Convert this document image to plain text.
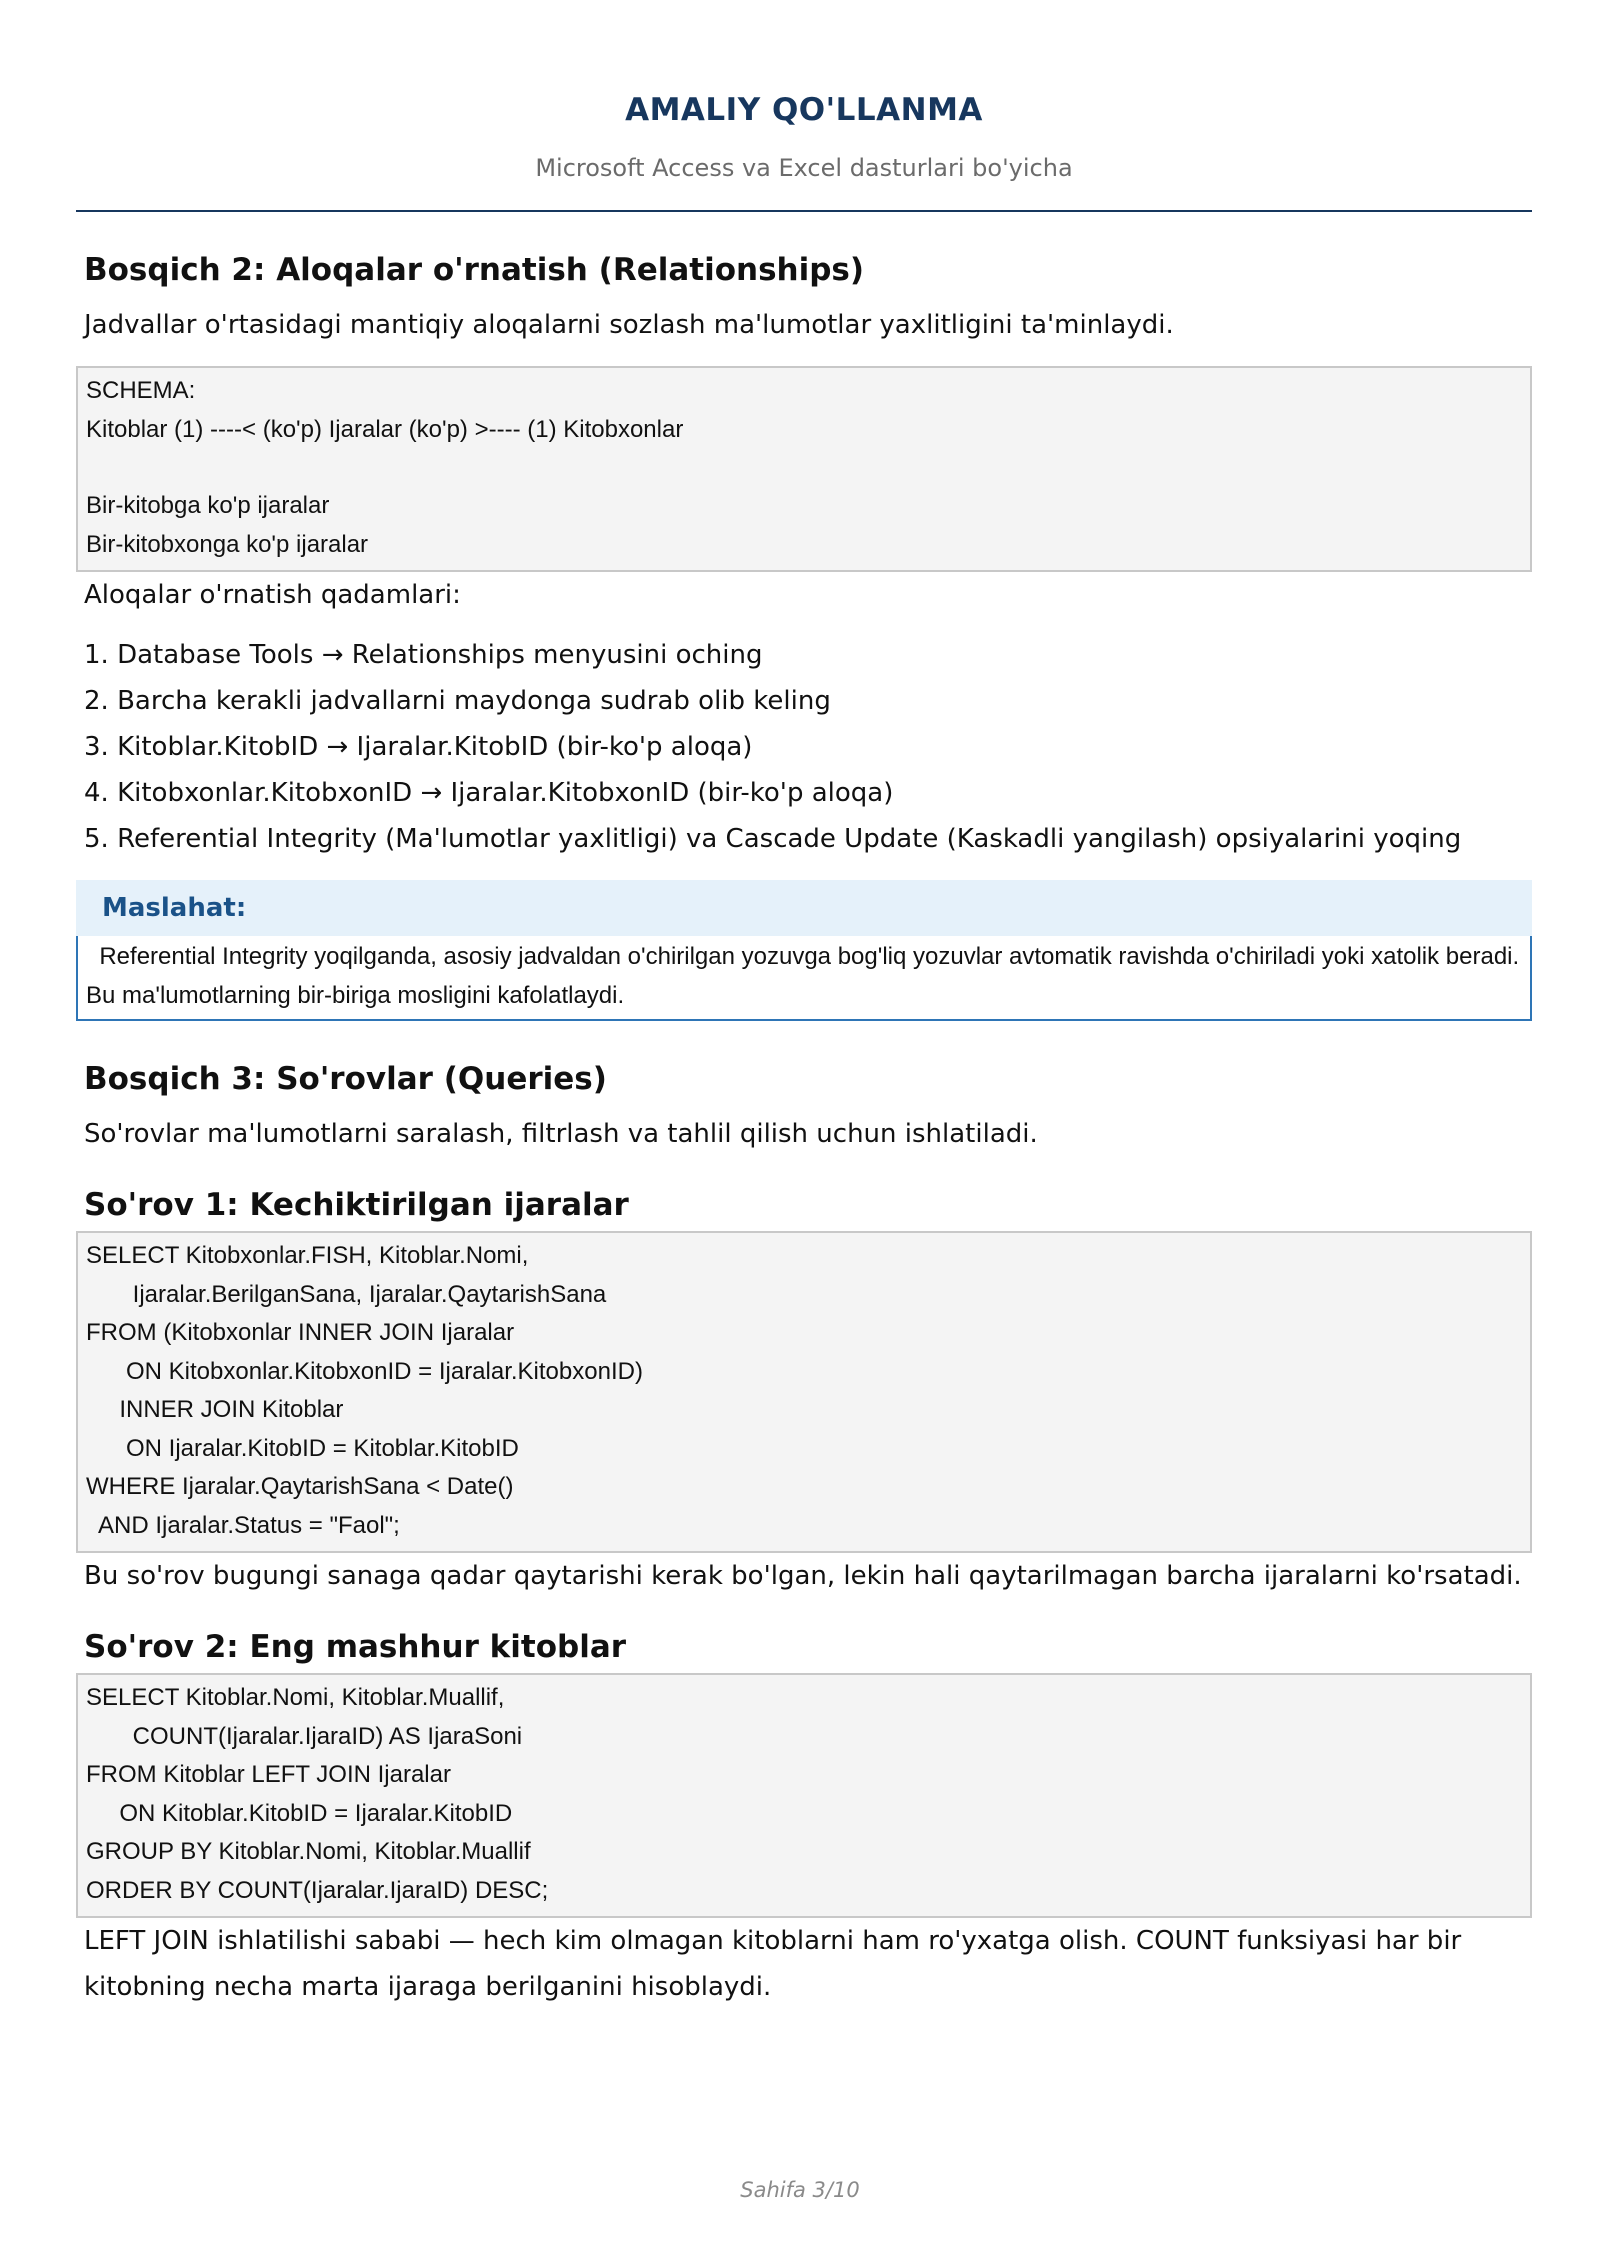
AMALIY QO'LLANMA
Microsoft Access va Excel dasturlari bo'yicha
Bosqich 2: Aloqalar o'rnatish (Relationships)

Jadvallar o'rtasidagi mantiqiy aloqalarni sozlash ma'lumotlar yaxlitligini ta'minlaydi.

SCHEMA:
Kitoblar (1) ----< (ko'p) Ijaralar (ko'p) >---- (1) Kitobxonlar
Bir-kitobga ko'p ijaralar
Bir-kitobxonga ko'p ijaralar

Aloqalar o'rnatish qadamlari:

1. Database Tools → Relationships menyusini oching
2. Barcha kerakli jadvallarni maydonga sudrab olib keling
3. Kitoblar.KitobID → Ijaralar.KitobID (bir-ko'p aloqa)
4. Kitobxonlar.KitobxonID → Ijaralar.KitobxonID (bir-ko'p aloqa)
5. Referential Integrity (Ma'lumotlar yaxlitligi) va Cascade Update (Kaskadli yangilash) opsiyalarini yoqing
Maslahat:
Referential Integrity yoqilganda, asosiy jadvaldan o'chirilgan yozuvga bog'liq yozuvlar avtomatik ravishda o'chiriladi yoki xatolik beradi. Bu ma'lumotlarning bir-biriga mosligini kafolatlaydi.
Bosqich 3: So'rovlar (Queries)

So'rovlar ma'lumotlarni saralash, filtrlash va tahlil qilish uchun ishlatiladi.

So'rov 1: Kechiktirilgan ijaralar
SELECT Kitobxonlar.FISH, Kitoblar.Nomi,
Ijaralar.BerilganSana, Ijaralar.QaytarishSana
FROM (Kitobxonlar INNER JOIN Ijaralar
ON Kitobxonlar.KitobxonID = Ijaralar.KitobxonID)
INNER JOIN Kitoblar
ON Ijaralar.KitobID = Kitoblar.KitobID
WHERE Ijaralar.QaytarishSana < Date()
AND Ijaralar.Status = "Faol";

Bu so'rov bugungi sanaga qadar qaytarishi kerak bo'lgan, lekin hali qaytarilmagan barcha ijaralarni ko'rsatadi.

So'rov 2: Eng mashhur kitoblar
SELECT Kitoblar.Nomi, Kitoblar.Muallif,
COUNT(Ijaralar.IjaraID) AS IjaraSoni
FROM Kitoblar LEFT JOIN Ijaralar
ON Kitoblar.KitobID = Ijaralar.KitobID
GROUP BY Kitoblar.Nomi, Kitoblar.Muallif
ORDER BY COUNT(Ijaralar.IjaraID) DESC;

LEFT JOIN ishlatilishi sababi — hech kim olmagan kitoblarni ham ro'yxatga olish. COUNT funksiyasi har bir kitobning necha marta ijaraga berilganini hisoblaydi.

Sahifa 3/10
